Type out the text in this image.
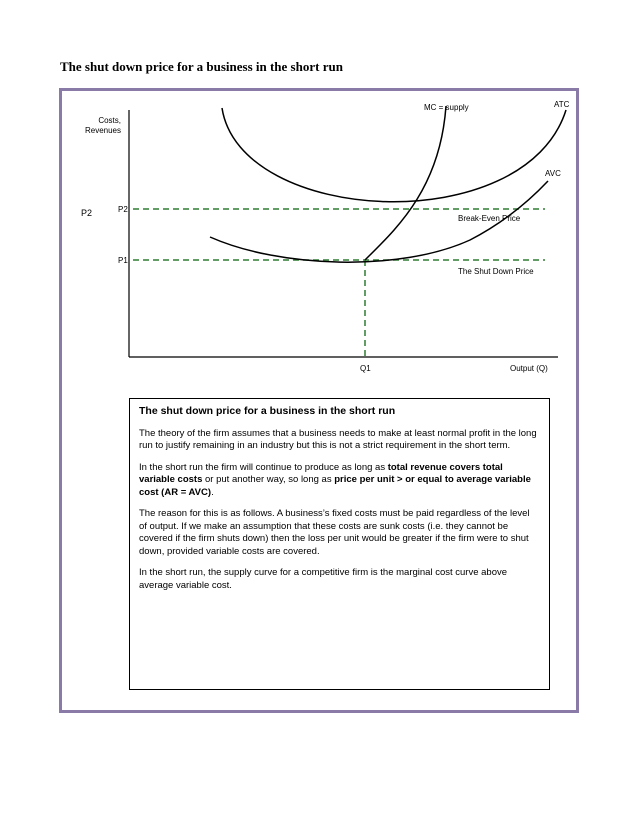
The shut down price for a business in the short run
Costs,
Revenues
P2	P2
P1
Q1	Output (Q)
MC = supply	ATC
AVC
Break-Even Price
The Shut Down Price
The shut down price for a business in the short run

The theory of the firm assumes that a business needs to make at least normal profit in the long run to justify remaining in an industry but this is not a strict requirement in the short term.

In the short run the firm will continue to produce as long as total revenue covers total variable costs or put another way, so long as price per unit > or equal to average variable cost (AR = AVC).

The reason for this is as follows. A business’s fixed costs must be paid regardless of the level of output. If we make an assumption that these costs are sunk costs (i.e. they cannot be covered if the firm shuts down) then the loss per unit would be greater if the firm were to shut down, provided variable costs are covered.

In the short run, the supply curve for a competitive firm is the marginal cost curve above average variable cost.
